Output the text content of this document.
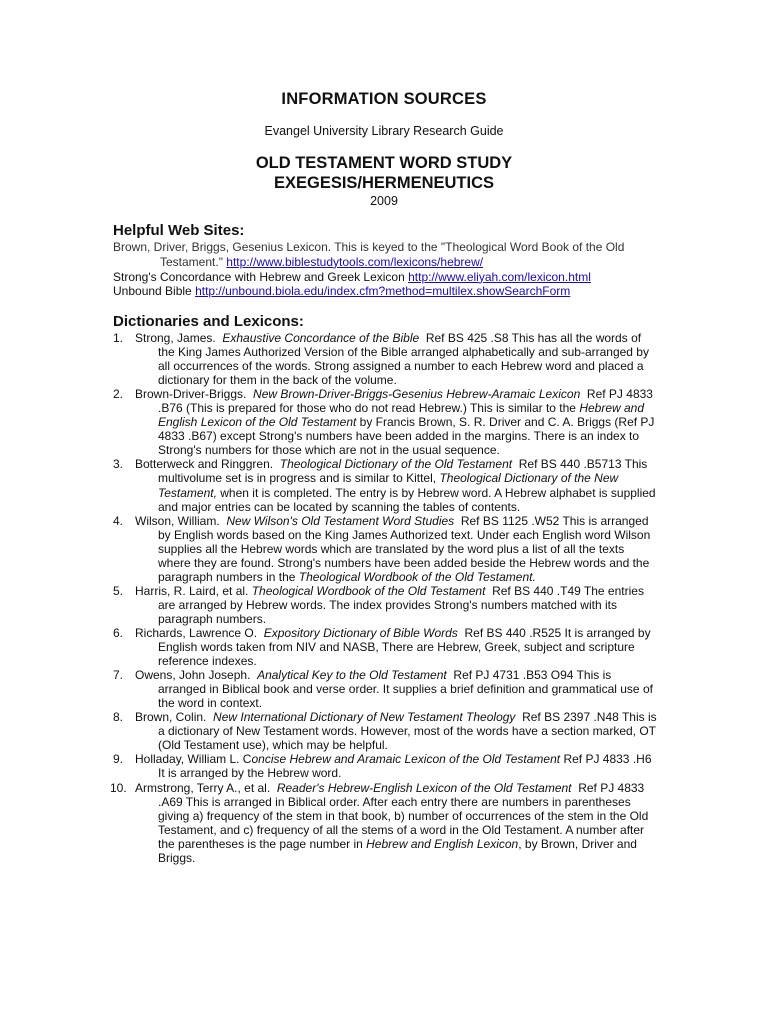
INFORMATION SOURCES
Evangel University Library Research Guide
OLD TESTAMENT WORD STUDY
EXEGESIS/HERMENEUTICS
2009
Helpful Web Sites:
Brown, Driver, Briggs, Gesenius Lexicon. This is keyed to the "Theological Word Book of the Old Testament." http://www.biblestudytools.com/lexicons/hebrew/
Strong's Concordance with Hebrew and Greek Lexicon http://www.eliyah.com/lexicon.html
Unbound Bible http://unbound.biola.edu/index.cfm?method=multilex.showSearchForm
Dictionaries and Lexicons:
1. Strong, James. Exhaustive Concordance of the Bible Ref BS 425 .S8 This has all the words of the King James Authorized Version of the Bible arranged alphabetically and sub-arranged by all occurrences of the words. Strong assigned a number to each Hebrew word and placed a dictionary for them in the back of the volume.
2. Brown-Driver-Briggs. New Brown-Driver-Briggs-Gesenius Hebrew-Aramaic Lexicon Ref PJ 4833 .B76 (This is prepared for those who do not read Hebrew.) This is similar to the Hebrew and English Lexicon of the Old Testament by Francis Brown, S. R. Driver and C. A. Briggs (Ref PJ 4833 .B67) except Strong's numbers have been added in the margins. There is an index to Strong's numbers for those which are not in the usual sequence.
3. Botterweck and Ringgren. Theological Dictionary of the Old Testament Ref BS 440 .B5713 This multivolume set is in progress and is similar to Kittel, Theological Dictionary of the New Testament, when it is completed. The entry is by Hebrew word. A Hebrew alphabet is supplied and major entries can be located by scanning the tables of contents.
4. Wilson, William. New Wilson's Old Testament Word Studies Ref BS 1125 .W52 This is arranged by English words based on the King James Authorized text. Under each English word Wilson supplies all the Hebrew words which are translated by the word plus a list of all the texts where they are found. Strong's numbers have been added beside the Hebrew words and the paragraph numbers in the Theological Wordbook of the Old Testament.
5. Harris, R. Laird, et al. Theological Wordbook of the Old Testament Ref BS 440 .T49 The entries are arranged by Hebrew words. The index provides Strong's numbers matched with its paragraph numbers.
6. Richards, Lawrence O. Expository Dictionary of Bible Words Ref BS 440 .R525 It is arranged by English words taken from NIV and NASB, There are Hebrew, Greek, subject and scripture reference indexes.
7. Owens, John Joseph. Analytical Key to the Old Testament Ref PJ 4731 .B53 O94 This is arranged in Biblical book and verse order. It supplies a brief definition and grammatical use of the word in context.
8. Brown, Colin. New International Dictionary of New Testament Theology Ref BS 2397 .N48 This is a dictionary of New Testament words. However, most of the words have a section marked, OT (Old Testament use), which may be helpful.
9. Holladay, William L. Concise Hebrew and Aramaic Lexicon of the Old Testament Ref PJ 4833 .H6 It is arranged by the Hebrew word.
10. Armstrong, Terry A., et al. Reader's Hebrew-English Lexicon of the Old Testament Ref PJ 4833 .A69 This is arranged in Biblical order. After each entry there are numbers in parentheses giving a) frequency of the stem in that book, b) number of occurrences of the stem in the Old Testament, and c) frequency of all the stems of a word in the Old Testament. A number after the parentheses is the page number in Hebrew and English Lexicon, by Brown, Driver and Briggs.
